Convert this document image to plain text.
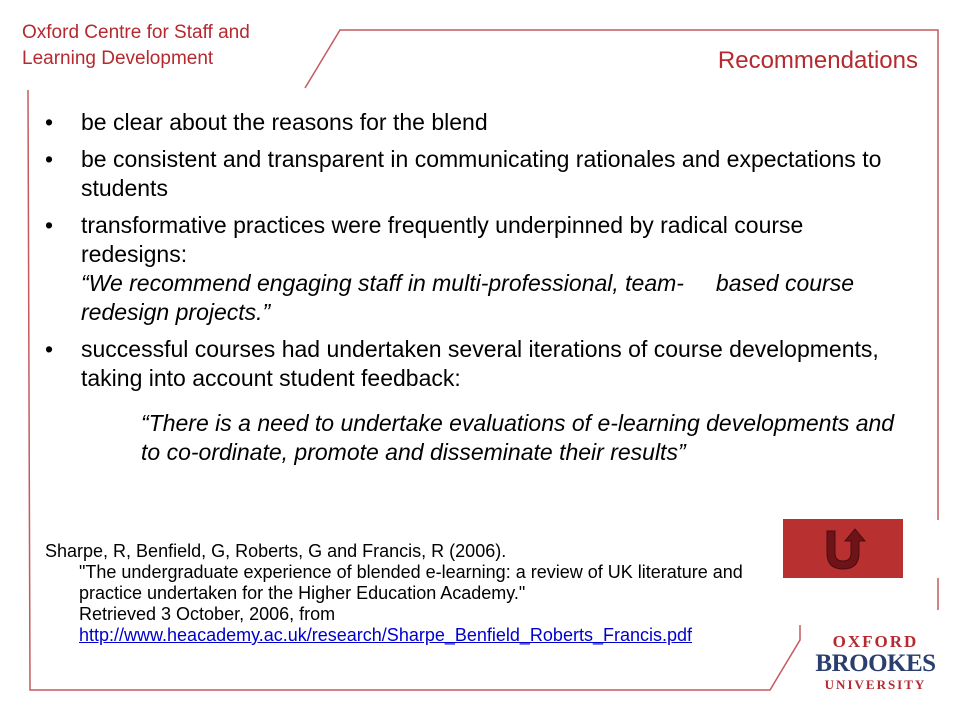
Oxford Centre for Staff and
Learning Development	Recommendations
• be clear about the reasons for the blend
• be consistent and transparent in communicating rationales and expectations to students
• transformative practices were frequently underpinned by radical course redesigns:
“We recommend engaging staff in multi-professional, team-     based course redesign projects.”
• successful courses had undertaken several iterations of course developments, taking into account student feedback:
“There is a need to undertake evaluations of e-learning developments and to co-ordinate, promote and disseminate their results”
Sharpe, R, Benfield, G, Roberts, G and Francis, R (2006).
"The undergraduate experience of blended e-learning: a review of UK literature and practice undertaken for the Higher Education Academy."
Retrieved 3 October, 2006, from
http://www.heacademy.ac.uk/research/Sharpe_Benfield_Roberts_Francis.pdf	OXFORD
BROOKES
UNIVERSITY
